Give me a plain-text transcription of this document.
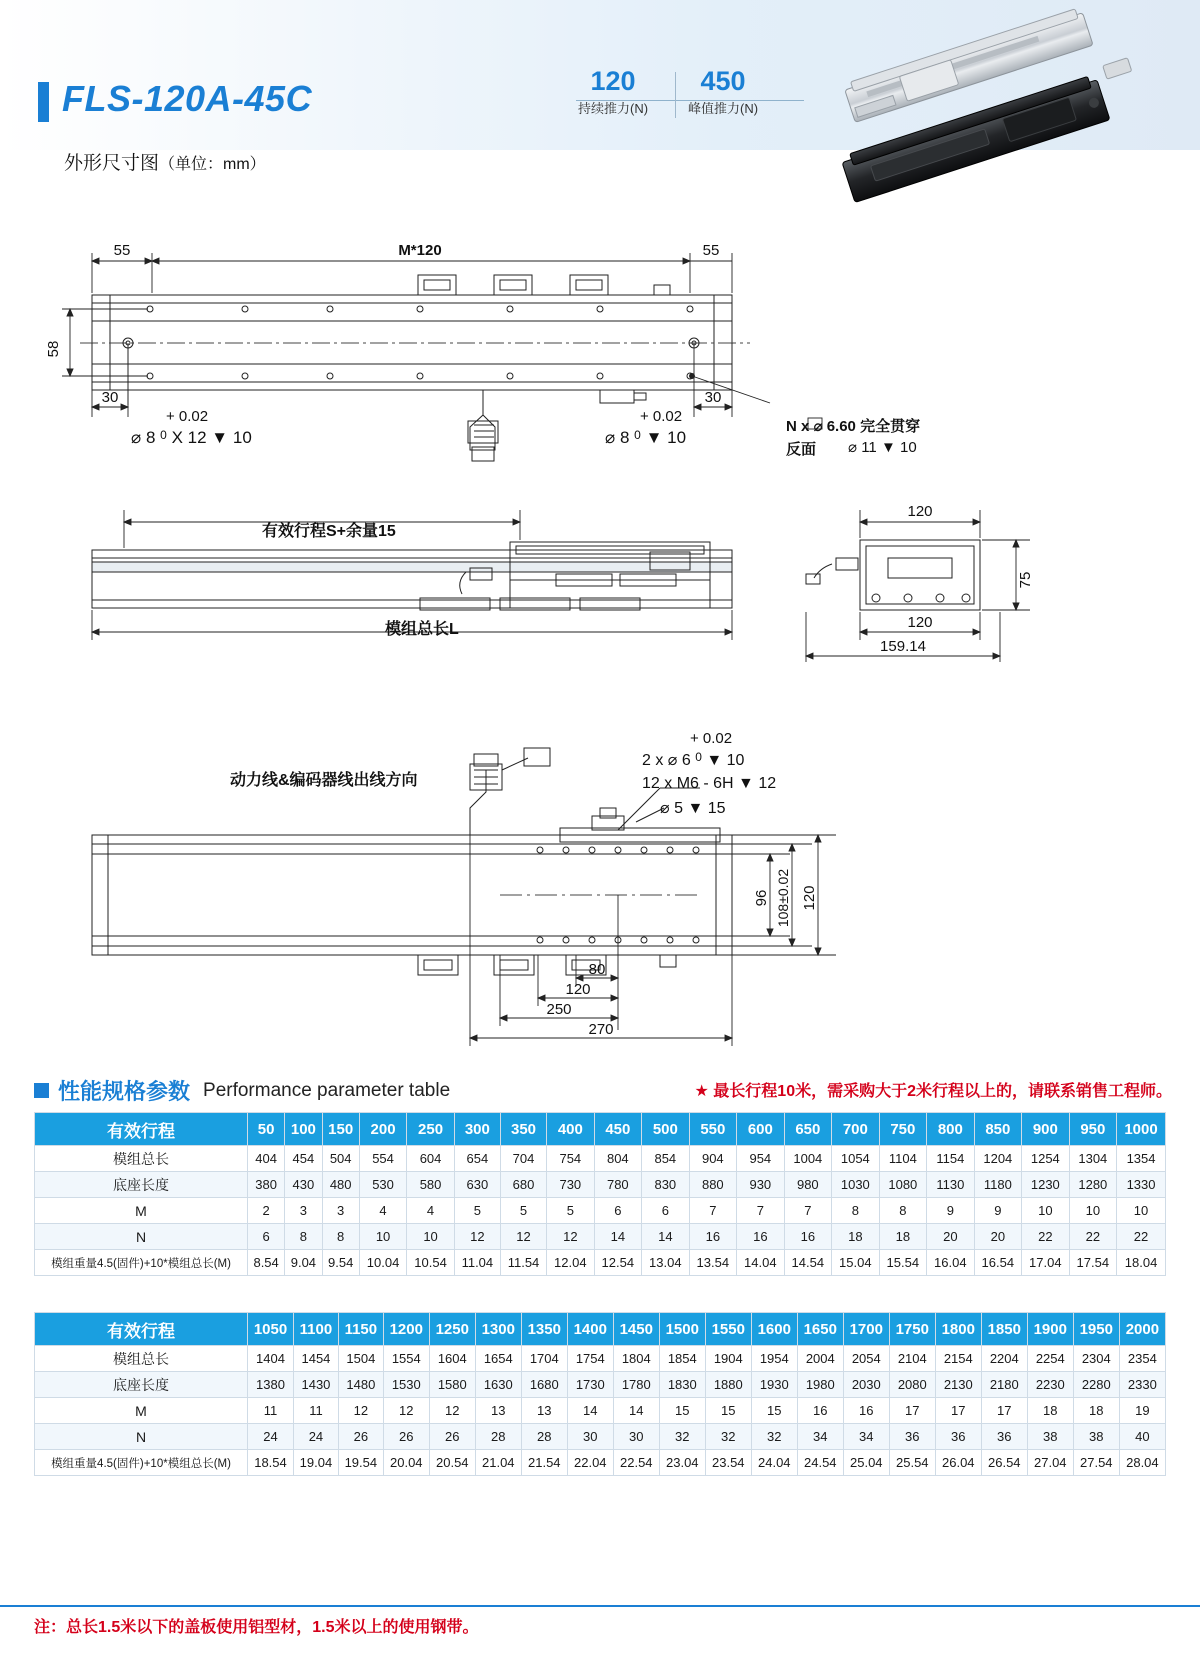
FLS-120A-45C
外形尺寸图（单位：mm）
120
持续推力(N)
450
峰值推力(N)
55	M*120	55
58
30	30
+ 0.02
⌀ 8 $^0$ X 12 ▼ 10
+ 0.02
⌀ 8 $^0$ ▼ 10
N x ⌀ 6.60 完全贯穿
反面 ⌀ 11 ▼ 10
120
75
120
159.14
有效行程S+余量15
模组总长L
96 108±0.02 120
80
120
250
270
动力线&编码器线出线方向
+ 0.02
2 x ⌀ 6 $^0$ ▼ 10
12 x M6 - 6H ▼ 12
⌀ 5 ▼ 15
性能规格参数 Performance parameter table	★ 最长行程10米，需采购大于2米行程以上的，请联系销售工程师。
有效行程	50	100	150	200	250	300	350	400	450	500	550	600	650	700	750	800	850	900	950	1000
模组总长	404	454	504	554	604	654	704	754	804	854	904	954	1004	1054	1104	1154	1204	1254	1304	1354
底座长度	380	430	480	530	580	630	680	730	780	830	880	930	980	1030	1080	1130	1180	1230	1280	1330
M	2	3	3	4	4	5	5	5	6	6	7	7	7	8	8	9	9	10	10	10
N	6	8	8	10	10	12	12	12	14	14	16	16	16	18	18	20	20	22	22	22
模组重量4.5(固件)+10*模组总长(M)	8.54	9.04	9.54	10.04	10.54	11.04	11.54	12.04	12.54	13.04	13.54	14.04	14.54	15.04	15.54	16.04	16.54	17.04	17.54	18.04
有效行程	1050	1100	1150	1200	1250	1300	1350	1400	1450	1500	1550	1600	1650	1700	1750	1800	1850	1900	1950	2000
模组总长	1404	1454	1504	1554	1604	1654	1704	1754	1804	1854	1904	1954	2004	2054	2104	2154	2204	2254	2304	2354
底座长度	1380	1430	1480	1530	1580	1630	1680	1730	1780	1830	1880	1930	1980	2030	2080	2130	2180	2230	2280	2330
M	11	11	12	12	12	13	13	14	14	15	15	15	16	16	17	17	17	18	18	19
N	24	24	26	26	26	28	28	30	30	32	32	32	34	34	36	36	36	38	38	40
模组重量4.5(固件)+10*模组总长(M)	18.54	19.04	19.54	20.04	20.54	21.04	21.54	22.04	22.54	23.04	23.54	24.04	24.54	25.04	25.54	26.04	26.54	27.04	27.54	28.04
注：总长1.5米以下的盖板使用铝型材，1.5米以上的使用钢带。
